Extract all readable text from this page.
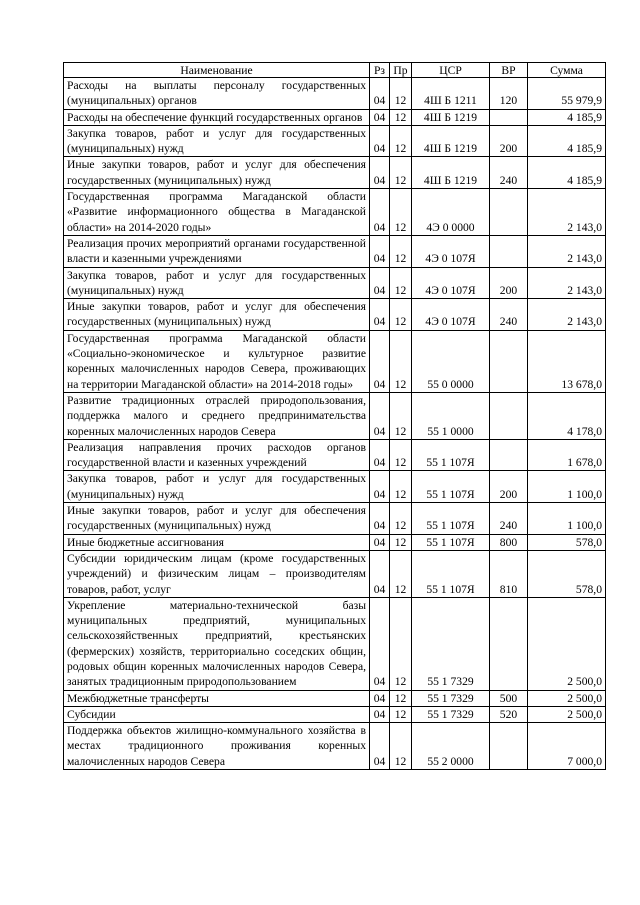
Наименование	Рз	Пр	ЦСР	ВР	Сумма
Расходы на выплаты персоналу государственных (муниципальных) органов	04	12	4Ш Б 1211	120	55 979,9
Расходы на обеспечение функций государственных органов	04	12	4Ш Б 1219		4 185,9
Закупка товаров, работ и услуг для государственных (муниципальных) нужд	04	12	4Ш Б 1219	200	4 185,9
Иные закупки товаров, работ и услуг для обеспечения государственных (муниципальных) нужд	04	12	4Ш Б 1219	240	4 185,9
Государственная программа Магаданской области «Развитие информационного общества в Магаданской области» на 2014-2020 годы»	04	12	4Э 0 0000		2 143,0
Реализация прочих мероприятий органами государственной власти и казенными учреждениями	04	12	4Э 0 107Я		2 143,0
Закупка товаров, работ и услуг для государственных (муниципальных) нужд	04	12	4Э 0 107Я	200	2 143,0
Иные закупки товаров, работ и услуг для обеспечения государственных (муниципальных) нужд	04	12	4Э 0 107Я	240	2 143,0
Государственная программа Магаданской области «Социально-экономическое и культурное развитие коренных малочисленных народов Севера, проживающих на территории Магаданской области» на 2014-2018 годы»	04	12	55 0 0000		13 678,0
Развитие традиционных отраслей природопользования, поддержка малого и среднего предпринимательства коренных малочисленных народов Севера	04	12	55 1 0000		4 178,0
Реализация направления прочих расходов органов государственной власти и казенных учреждений	04	12	55 1 107Я		1 678,0
Закупка товаров, работ и услуг для государственных (муниципальных) нужд	04	12	55 1 107Я	200	1 100,0
Иные закупки товаров, работ и услуг для обеспечения государственных (муниципальных) нужд	04	12	55 1 107Я	240	1 100,0
Иные бюджетные ассигнования	04	12	55 1 107Я	800	578,0
Субсидии юридическим лицам (кроме государственных учреждений) и физическим лицам – производителям товаров, работ, услуг	04	12	55 1 107Я	810	578,0
Укрепление материально-технической базы муниципальных предприятий, муниципальных сельскохозяйственных предприятий, крестьянских (фермерских) хозяйств, территориально соседских общин, родовых общин коренных малочисленных народов Севера, занятых традиционным природопользованием	04	12	55 1 7329		2 500,0
Межбюджетные трансферты	04	12	55 1 7329	500	2 500,0
Субсидии	04	12	55 1 7329	520	2 500,0
Поддержка объектов жилищно-коммунального хозяйства в местах традиционного проживания коренных малочисленных народов Севера	04	12	55 2 0000		7 000,0
